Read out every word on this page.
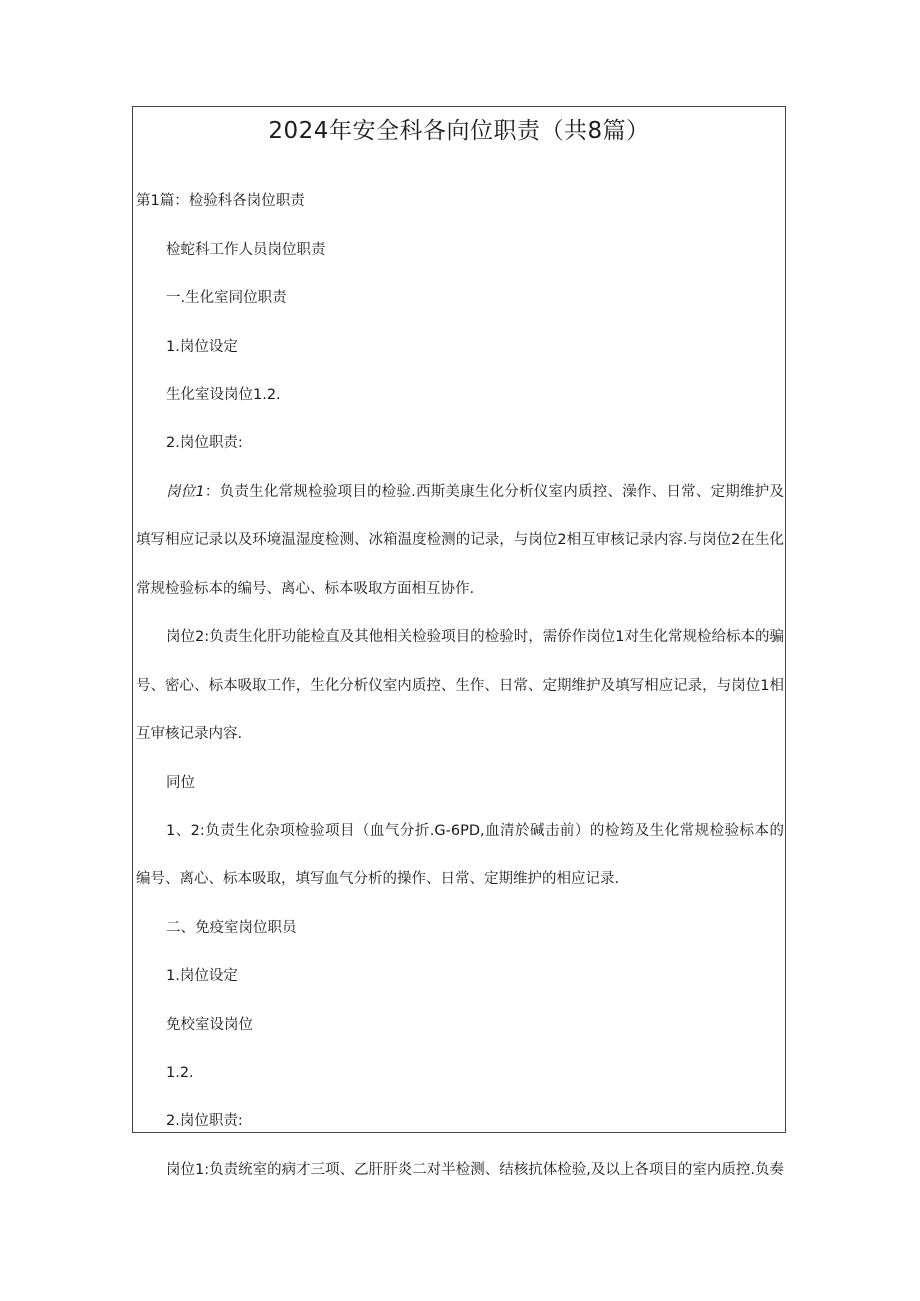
2024年安全科各向位职责（共8篇）
第1篇：检验科各岗位职责
检蛇科工作人员岗位职责
一.生化室同位职责
1.岗位设定
生化室设岗位1.2.
2.岗位职责:
岗位1：负责生化常规检验项目的检验.西斯美康生化分析仪室内质控、澡作、日常、定期维护及
填写相应记录以及环境温湿度检测、冰箱温度检测的记录，与岗位2相互审核记录内容.与岗位2在生化
常规检验标本的编号、离心、标本吸取方面相互协作.
岗位2:负责生化肝功能检直及其他相关检验项目的检验时，需侨作岗位1对生化常规检给标本的骗
号、密心、标本吸取工作，生化分析仪室内质控、生作、日常、定期维护及填写相应记录，与岗位1相
互审核记录内容.
同位
1、2:负责生化杂项检验项目（血气分折.G-6PD,血清於碱击前）的检筠及生化常规检验标本的
编号、离心、标本吸取，填写血气分析的操作、日常、定期维护的相应记录.
二、免疫室岗位职员
1.岗位设定
免校室设岗位
1.2.
2.岗位职责:
岗位1:负责统室的病才三项、乙肝肝炎二对半检测、结核抗体检验,及以上各项目的室内质控.负奏
